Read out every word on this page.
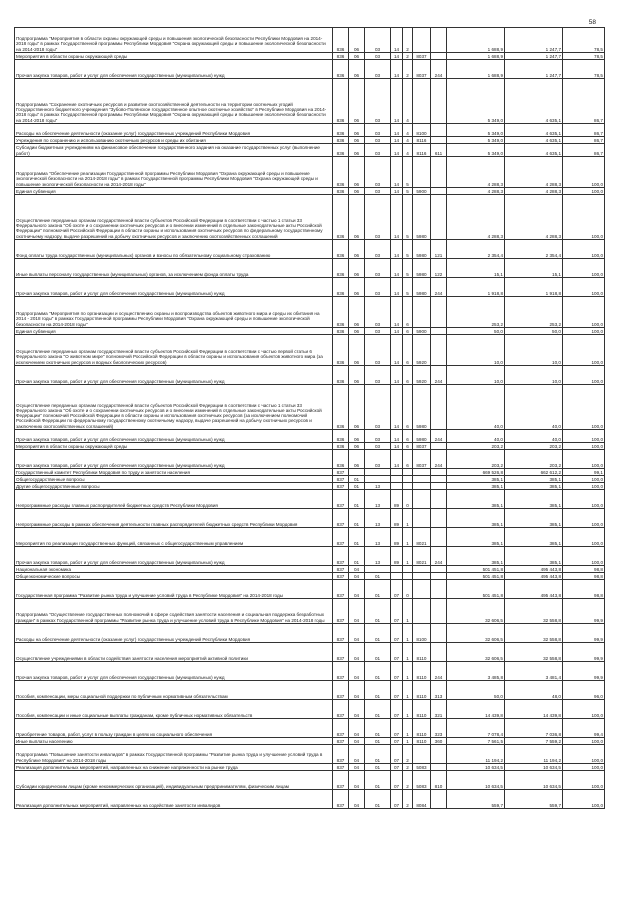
58
Подпрограмма "Мероприятия в области охраны окружающей среды и повышения экологической безопасности Республики Мордовия на 2014-2018 годы" в рамках Государственной программы Республики Мордовия "Охрана окружающей среды и повышение экологической безопасности на 2014-2018 годы"	836	06	03	14	2			1 688,9	1 247,7	78,5
Мероприятия в области охраны окружающей среды	836	06	03	14	2	8037		1 688,9	1 247,7	78,5
Прочая закупка товаров, работ и услуг для обеспечения государственных (муниципальных) нужд	836	06	03	14	2	8037	244	1 688,9	1 247,7	78,5
Подпрограмма "Сохранение охотничьих ресурсов и развитие охотхозяйственной деятельности на территории охотничьих угодий Государственного бюджетного учреждения "Зубово-Полянское государственное опытное охотничье хозяйство" в Республике Мордовия на 2014-2018 годы" в рамках Государственной программы Республики Мордовия "Охрана окружающей среды и повышение экологической безопасности на 2014-2018 годы"	836	06	03	14	4			5 349,0	4 635,1	86,7
Расходы на обеспечение деятельности (оказание услуг) государственных учреждений Республики Мордовия	836	06	03	14	4	8100		5 349,0	4 635,1	86,7
Учреждения по сохранению и использованию охотничьих ресурсов и среды их обитания	836	06	03	14	4	8116		5 349,0	4 635,1	86,7
Субсидии бюджетным учреждениям на финансовое обеспечение государственного задания на оказание государственных услуг (выполнение работ)	836	06	03	14	4	8116	611	5 349,0	4 635,1	86,7
Подпрограмма "Обеспечение реализации Государственной программы Республики Мордовия "Охрана окружающей среды и повышение экологической безопасности на 2014-2018 годы" в рамках Государственной программы Республики Мордовия "Охрана окружающей среды и повышение экологической безопасности на 2014-2018 годы"	836	06	03	14	5			4 288,3	4 288,3	100,0
Единая субвенция	836	06	03	14	5	5900		4 288,3	4 288,3	100,0
Осуществление переданных органам государственной власти субъектов Российской Федерации в соответствии с частью 1 статьи 33 Федерального закона "Об охоте и о сохранении охотничьих ресурсов и о внесении изменений в отдельные законодательные акты Российской Федерации" полномочий Российской Федерации в области охраны и использования охотничьих ресурсов по федеральному государственному охотничьему надзору, выдаче разрешений на добычу охотничьих ресурсов и заключению охотхозяйственных соглашений	836	06	03	14	5	5980		4 288,3	4 288,3	100,0
Фонд оплаты труда государственных (муниципальных) органов и взносы по обязательному социальному страхованию	836	06	03	14	5	5980	121	2 354,4	2 354,4	100,0
Иные выплаты персоналу государственных (муниципальных) органов, за исключением фонда оплаты труда	836	06	03	14	5	5980	122	15,1	15,1	100,0
Прочая закупка товаров, работ и услуг для обеспечения государственных (муниципальных) нужд	836	06	03	14	5	5980	244	1 918,8	1 918,8	100,0
Подпрограмма "Мероприятия по организации и осуществлению охраны и воспроизводства объектов животного мира и среды их обитания на 2014 - 2018 годы" в рамках Государственной программы Республики Мордовия "Охрана окружающей среды и повышение экологической безопасности на 2014-2018 годы"	836	06	03	14	6			253,2	253,2	100,0
Единая субвенция	836	06	03	14	6	5900		50,0	50,0	100,0
Осуществление переданных органам государственной власти субъектов Российской Федерации в соответствии с частью первой статьи 6 Федерального закона "О животном мире" полномочий Российской Федерации в области охраны и использования объектов животного мира (за исключением охотничьих ресурсов и водных биологических ресурсов)	836	06	03	14	6	5920		10,0	10,0	100,0
Прочая закупка товаров, работ и услуг для обеспечения государственных (муниципальных) нужд	836	06	03	14	6	5920	244	10,0	10,0	100,0
Осуществление переданных органам государственной власти субъектов Российской Федерации в соответствии с частью 1 статьи 33 Федерального закона "Об охоте и о сохранении охотничьих ресурсов и о внесении изменений в отдельные законодательные акты Российской Федерации" полномочий Российской Федерации в области охраны и использования охотничьих ресурсов (за исключением полномочий Российской Федерации по федеральному государственному охотничьему надзору, выдаче разрешений на добычу охотничьих ресурсов и заключению охотхозяйственных соглашений)	836	06	03	14	6	5980		40,0	40,0	100,0
Прочая закупка товаров, работ и услуг для обеспечения государственных (муниципальных) нужд	836	06	03	14	6	5980	244	40,0	40,0	100,0
Мероприятия в области охраны окружающей среды	836	06	03	14	6	8037		203,2	203,2	100,0
Прочая закупка товаров, работ и услуг для обеспечения государственных (муниципальных) нужд	836	06	03	14	6	8037	244	203,2	203,2	100,0
Государственный комитет Республики Мордовия по труду и занятости населения	837							669 526,8	662 612,2	99,1
Общегосударственные вопросы	837	01						385,1	385,1	100,0
Другие общегосударственные вопросы	837	01	13					385,1	385,1	100,0
Непрограммные расходы главных распорядителей бюджетных средств Республики Мордовия	837	01	13	89	0			385,1	385,1	100,0
Непрограммные расходы в рамках обеспечения деятельности главных распорядителей бюджетных средств Республики Мордовия	837	01	13	89	1			385,1	385,1	100,0
Мероприятия по реализации государственных функций, связанных с общегосударственным управлением	837	01	13	89	1	8021		385,1	385,1	100,0
Прочая закупка товаров, работ и услуг для обеспечения государственных (муниципальных) нужд	837	01	13	89	1	8021	244	385,1	385,1	100,0
Национальная экономика	837	04						501 451,8	495 443,8	98,8
Общеэкономические вопросы	837	04	01					501 451,8	495 443,8	98,8
Государственная программа "Развитие рынка труда и улучшение условий труда в Республике Мордовия" на 2014-2018 годы	837	04	01	07	0			501 451,8	495 443,8	98,8
Подпрограмма "Осуществление государственных полномочий в сфере содействия занятости населения и социальная поддержка безработных граждан" в рамках Государственной программы "Развитие рынка труда и улучшение условий труда в Республике Мордовия" на 2014-2018 годы	837	04	01	07	1			32 606,5	32 558,8	99,9
Расходы на обеспечение деятельности (оказание услуг) государственных учреждений Республики Мордовия	837	04	01	07	1	8100		32 606,5	32 558,8	99,9
Осуществление учреждениями в области содействия занятости населения мероприятий активной политики	837	04	01	07	1	8110		32 606,5	32 558,8	99,9
Прочая закупка товаров, работ и услуг для обеспечения государственных (муниципальных) нужд	837	04	01	07	1	8110	244	3 485,8	3 481,4	99,9
Пособия, компенсации, меры социальной поддержки по публичным нормативным обязательствам	837	04	01	07	1	8110	313	50,0	48,0	96,0
Пособия, компенсации и иные социальные выплаты гражданам, кроме публичных нормативных обязательств	837	04	01	07	1	8110	321	14 439,8	14 439,8	100,0
Приобретение товаров, работ, услуг в пользу граждан в целях их социального обеспечения	837	04	01	07	1	8110	323	7 078,4	7 036,8	99,4
Иные выплаты населению	837	04	01	07	1	8110	360	7 561,5	7 559,2	100,0
Подпрограмма "Повышение занятости инвалидов" в рамках Государственной программы "Развитие рынка труда и улучшение условий труда в Республике Мордовия" на 2014-2018 годы	837	04	01	07	2			11 194,2	11 194,2	100,0
Реализация дополнительных мероприятий, направленных на снижение напряженности на рынке труда	837	04	01	07	2	5083		10 634,5	10 634,5	100,0
Субсидии юридическим лицам (кроме некоммерческих организаций), индивидуальным предпринимателям, физическим лицам	837	04	01	07	2	5083	810	10 634,5	10 634,5	100,0
Реализация дополнительных мероприятий, направленных на содействие занятости инвалидов	837	04	01	07	2	8084		559,7	559,7	100,0
